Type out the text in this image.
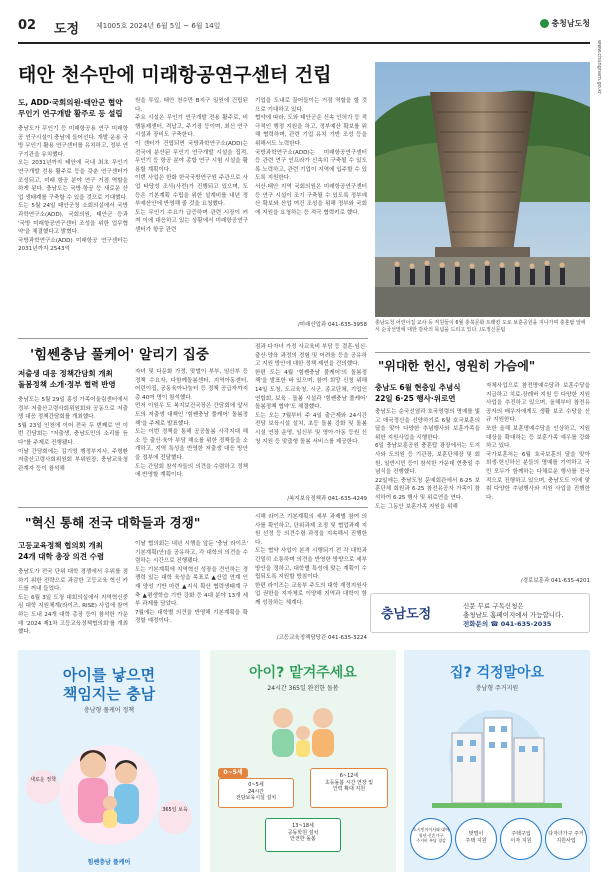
02 도정 제1005호 2024년 6월 5일 ~ 6월 14일	충청남도청
www.chungnam.go.kr
태안 천수만에 미래항공연구센터 건립
도, ADD·국회의원·태안군 협약
무인기 연구개발 활주로 등 설립
충남도가 무인기 등 미래항공용 연구 미래항공 연구시설이 충남에 들어선다. 개발·운용 국방 무인기 활용 연구센터를 유치하고, 정부 연구기관을 유치했다.
오는 2031년까지 태안에 국내 최초 무인기 연구개발 전용 활주로 등을 갖춘 연구센터가 조성되고, 미래 항공 분야 연구 거점 역할을 하게 된다. 충남도는 국방·항공 등 새로운 산업 생태계를 구축할 수 있을 것으로 기대했다.
도는 5월 24일 태안군청 소회의실에서 국방과학연구소(ADD), 국회의원, 태안군 등과 '국방 미래항공연구센터 조성을 위한 업무협약'을 체결했다고 밝혔다.
국방과학연구소(ADD) 미래항공 연구센터는 2031년까지 2543억
원을 투입, 태안 천수만 B지구 일원에 건립된다.
주요 시설은 무인기 연구개발 전용 활주로, 비행통제센터, 격납고, 주기장 등이며, 최신 연구 시설과 장비도 구축한다.
이 센터가 건립되면 국방과학연구소(ADD)는 전국에 분산된 무인기 연구개발 시설을 집적, 무인기 등 항공 분야 종합 연구 시험 시설을 활용할 계획이다.
이번 사업은 한화 한국국방연구원 주관으로 사업 타당성 조사(사전)가 진행되고 있으며, 도 등은 기본계획 수립을 위한 설계비를 내년 정부예산안에 반영해 줄 것을 요청했다.
도는 무인기 수요가 급증하며 관련 시장이 커져 이에 대응하고 있는 상황에서 미래항공연구센터가 항공 관련
기업을 도내로 끌어들이는 거점 역할을 할 것으로 기대하고 있다.
협약에 따라, 도와 태안군은 신속 인허가 등 적극적인 행정 지원을 하고, 정부예산 확보를 위해 협력하며, 관련 기업 유치 기반 조성 등을 위해서도 노력한다.
국방과학연구소(ADD)는 미래항공연구센터 등 관련 연구 인프라가 신속히 구축될 수 있도록 노력하고, 관련 기업이 지역에 입주할 수 있도록 지원한다.
서산·태안 지역 국회의원은 미래항공연구센터 등 연구 시설이 조기 구축될 수 있도록 정부예산 확보와 산업 여건 조성을 위해 정부와 국회에 지원을 요청하는 등 적극 협력키로 했다.
/미래산업과 041-635-3958 충남도청 어린이집 교사 등 직원들이 6월 충북문화 트래킹 도로 보훈공원을 지나가며 충혼탑 앞에서 순국선열에 대한 감사의 묵념을 드리고 있다. /도정신문팀
'힘쎈충남 풀케어' 알리기 집중
저출생 대응 정책간담회 개최
돌봄정책 소개·정부 협력 반영
충남도는 5월 29일 홍성 가족어울림센터에서 정부 저출산고령사회위원회와 공동으로 저출생 대응 정책간담회를 개최했다.
5월 23일 인천에 이어 전국 두 번째로 연 이번 간담회는 "저출생, 충남도민의 소리를 듣다"를 주제로 진행됐다.
이날 간담회에는 김기영 행정부지사, 주형환 저출산고령사회위원회 부위원장, 충남교육청 관계자 등이 참석해
자녀 및 다문화 가정, 맞벌이 부부, 임산부 등 정책 수요자, 다함께돌봄센터, 지역아동센터, 어린이집, 공동육아나눔터 등 정책 공급자까지 총 40여 명이 참석했다.
먼저 이원우 도 복지보건국장은 간담회에 앞서 도의 저출생 대책인 '힘쎈충남 풀케어' 돌봄정책'을 주제로 발표했다.
도는 이번 정책을 통해 공공돌봄 사각지대 해소 등 출산·육아 부담 해소를 위한 정책들을 소개하고, 지역 특성을 반영한 저출생 대응 방안을 정부에 전달했다.
도는 간담회 참석자들의 의견을 수렴하고 정책에 반영할 계획이다.
점과 다자녀 가정 사교육비 부담 등 결혼·임신·출산·양육 과정의 경험 및 어려움 등을 공유하고 지원 방안에 대한 정책 제언을 건의했다.
한편 도는 4월 '힘쎈충남 풀케어'의 돌봄정책'을 발표한 바 있으며, 참여 희망 신청 위해 14일 도청, 도교육청, 시군, 종교단체, 기업인연합회, 보육 · 돌봄 시설과 '힘쎈충남 풀케어' 돌봄정책 협약'도 체결했다.
도는 오는 7월부터 주 4일 출근제와 24시간 전담 보육시설 설치, 초등 돌봄 강화 및 돌봄 시설 연장 운영, 임신부 및 영아·아동 등원 신청 지원 등 맞춤형 돌봄 서비스를 제공한다.
/복지보육정책과 041-635-4249
"위대한 헌신, 영원히 가슴에"
충남도 6월 현충일 추념식
22일 6·25 행사·위로연
충남도는 순국선열과 호국영령의 명예를 빛고 애국정신을 선양하기로 6월 호국보훈의 달을 맞아 다양한 추념행사와 보훈가족을 위한 지원사업을 시행한다.
6일 충남보훈공원 충혼탑 광장에서는 도지사와 도의원 등 기관장, 보훈단체장 및 회원, 일반시민 등이 참석한 가운데 현충일 추념식을 진행했다.
22일에는 충남도청 문예회관에서 6·25 보훈단체 회원과 6·25 참전유공자 가족이 참석하여 6·25 행사 및 위로연을 연다.
도는 그동안 보훈가족 지원을 위해
자체사업으로 참전명예수당과 보훈수당을 지급하고 치료·장례비 지원 등 다양한 지원 사업을 추진하고 있으며, 올해부터 참전유공자의 배우자에게도 생활 보조 수당을 신규 지원한다.
또한 올해 보훈명예수당을 인상하고, 지원 대상을 확대하는 등 보훈가족 예우를 강화하고 있다.
국가보훈처는 6월 호국보훈의 달을 맞아 희생·헌신하신 분들의 명예를 기억하고 국민 모두가 함께하는 다채로운 행사를 전국적으로 진행하고 있으며, 충남도도 이에 맞춰 다양한 추념행사와 지원 사업을 진행한다.
/경로보훈과 041-635-4201
"혁신 통해 전국 대학들과 경쟁"
고등교육정책 협의회 개최
24개 대학 총장 의견 수렴
충남도가 전국 단위 대학 경쟁에서 우위를 점하기 위한 전략으로 과감한 고등교육 혁신 카드를 꺼내 들었다.
도는 6월 3일 도청 대회의실에서 지역혁신중심 대학 지원체계(라이즈, RISE) 사업에 참여하는 도내 24개 대학 총장 등이 참석한 가운데 '2024 제1차 고등교육정책협의회'를 개최했다.
이날 협의회는 내년 시행을 앞둔 '충남 라이즈' 기본계획(안)을 공유하고, 각 대학의 의견을 수렴하는 시간으로 진행됐다.
도는 기본계획에 지역혁신 성장을 견인하는 경쟁력 있는 대학 육성을 목표로 ▲산업 연계 인재 양성 기반 마련 ▲지식 확산 협력생태계 구축 ▲평생학습 기반 강화 등 4대 분야 13개 세부 과제를 담았다.
7월에는 대학별 의견을 반영해 기본계획을 확정할 예정이다.
시해 라이즈 기본계획의 세부 과제별 참여 의사를 확인하고, 단위과제 조정 및 협업과제 지원 선정 등 의견수렴 과정을 지속해서 진행한다.
도는 협약 사업이 본격 시행되기 전 각 대학과 긴밀히 소통하며 의견을 반영한 방향으로 세부 방안을 정하고, 대학별 특성에 맞는 계획이 수립되도록 지원할 방침이다.
한편 라이즈는 교육부 주도의 대학 재정지원사업 권한을 지자체로 이양해 지역과 대학이 함께 성장하는 체계다.
/고등교육정책담당관 041-635-3224
충남도정
신문 무료 구독신청은
충청남도 홈페이지에서 가능합니다.
전화문의 ☎ 041-635-2035
아이를 낳으면
책임지는 충남
충남형 풀케어 정책
새로운 정책
365일 보육
힘쎈충남 풀케어
아이? 맡겨주세요
24시간 365일 완전한 돌봄
0~5세
0~5세
24시간
전담보육시설 설치
6~12세
초등돌봄 시간 연장 및
인력 확대 지원
13~18세
공동학원 설치
안전한 돌봄
집? 걱정말아요
충남형 주거지원
도시민이이사와 대여
청년·신혼가구
주거비 부담 경감
맞벌이
주택 지원
주택구입
이자 지원
다자녀가구 주거
지원사업
